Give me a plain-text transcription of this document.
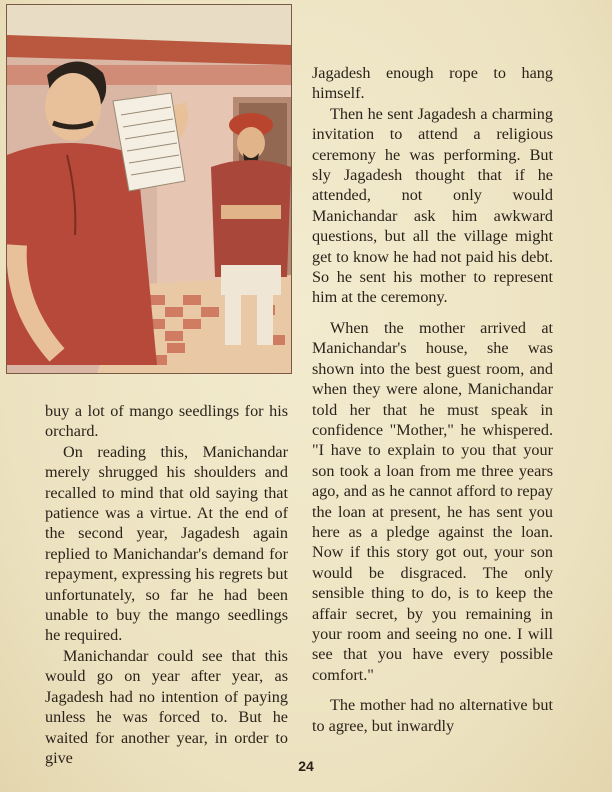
buy a lot of mango seedlings for his orchard.

On reading this, Manichandar merely shrugged his shoulders and recalled to mind that old saying that patience was a virtue. At the end of the second year, Jagadesh again replied to Manichandar's demand for repayment, expressing his regrets but unfortunately, so far he had been unable to buy the mango seedlings he required.

Manichandar could see that this would go on year after year, as Jagadesh had no intention of paying unless he was forced to. But he waited for another year, in order to give

Jagadesh enough rope to hang himself.

Then he sent Jagadesh a charming invitation to attend a religious ceremony he was performing. But sly Jagadesh thought that if he attended, not only would Manichandar ask him awkward questions, but all the village might get to know he had not paid his debt. So he sent his mother to represent him at the ceremony.

When the mother arrived at Manichandar's house, she was shown into the best guest room, and when they were alone, Manichandar told her that he must speak in confidence "Mother," he whispered. "I have to explain to you that your son took a loan from me three years ago, and as he cannot afford to repay the loan at present, he has sent you here as a pledge against the loan. Now if this story got out, your son would be disgraced. The only sensible thing to do, is to keep the affair secret, by you remaining in your room and seeing no one. I will see that you have every possible comfort."

The mother had no alternative but to agree, but inwardly

24
